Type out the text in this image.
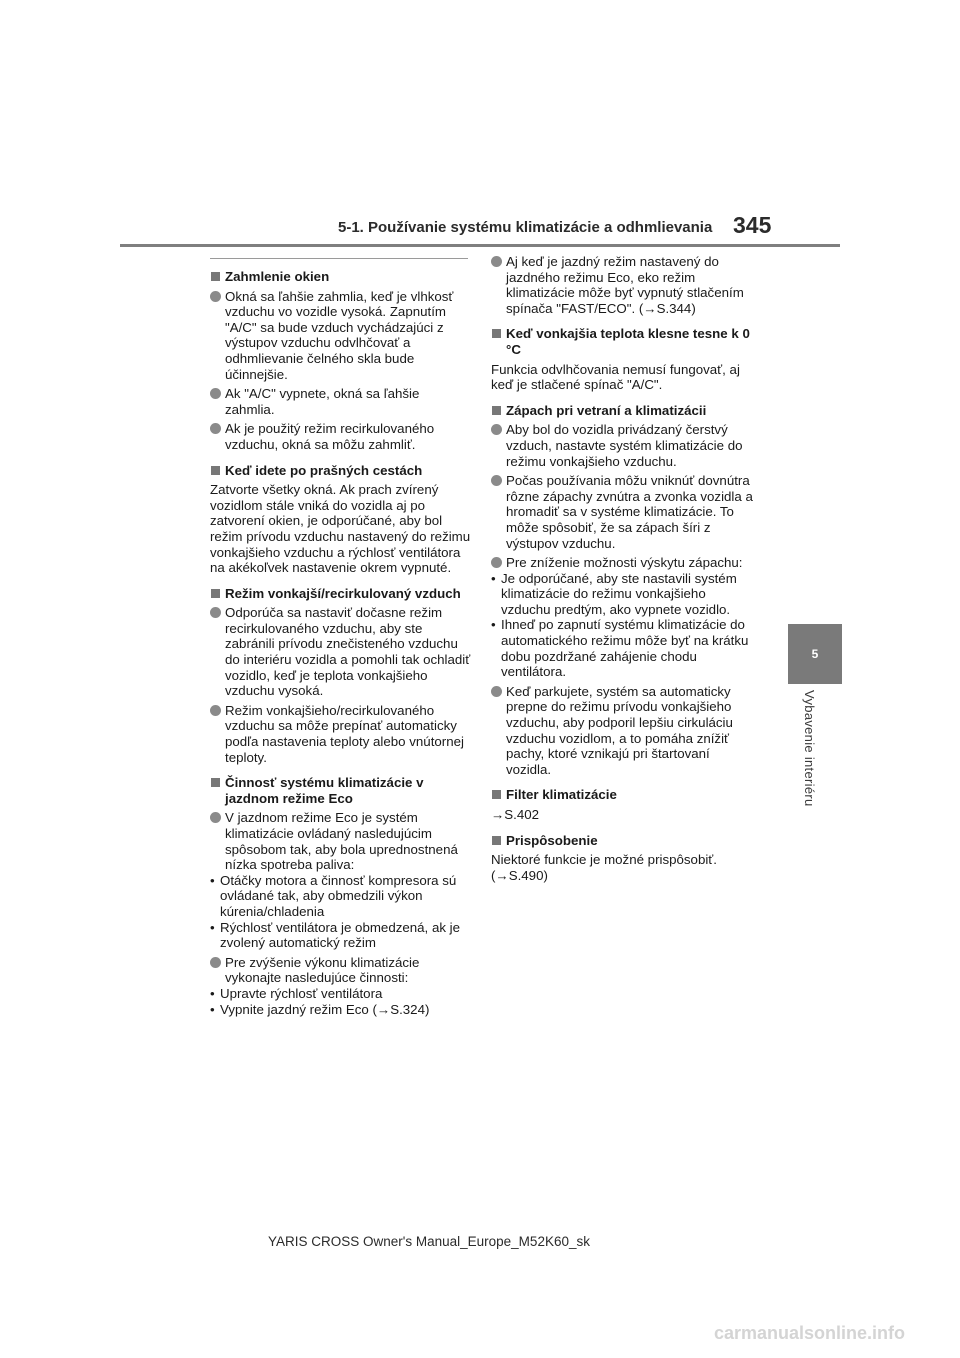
5-1. Používanie systému klimatizácie a odhmlievania 345
5
Vybavenie interiéru
Zahmlenie okien
Okná sa ľahšie zahmlia, keď je vlhkosť vzduchu vo vozidle vysoká. Zapnutím "A/C" sa bude vzduch vychádzajúci z výstupov vzduchu odvlhčovať a odhmlievanie čelného skla bude účinnejšie.
Ak "A/C" vypnete, okná sa ľahšie zahmlia.
Ak je použitý režim recirkulovaného vzduchu, okná sa môžu zahmliť.
Keď idete po prašných cestách
Zatvorte všetky okná. Ak prach zvírený vozidlom stále vniká do vozidla aj po zatvorení okien, je odporúčané, aby bol režim prívodu vzduchu nastavený do režimu vonkajšieho vzduchu a rýchlosť ventilátora na akékoľvek nastavenie okrem vypnuté.
Režim vonkajší/recirkulovaný vzduch
Odporúča sa nastaviť dočasne režim recirkulovaného vzduchu, aby ste zabránili prívodu znečisteného vzduchu do interiéru vozidla a pomohli tak ochladiť vozidlo, keď je teplota vonkajšieho vzduchu vysoká.
Režim vonkajšieho/recirkulovaného vzduchu sa môže prepínať automaticky podľa nastavenia teploty alebo vnútornej teploty.
Činnosť systému klimatizácie v jazdnom režime Eco
V jazdnom režime Eco je systém klimatizácie ovládaný nasledujúcim spôsobom tak, aby bola uprednostnená nízka spotreba paliva:
• Otáčky motora a činnosť kompresora sú ovládané tak, aby obmedzili výkon kúrenia/chladenia
• Rýchlosť ventilátora je obmedzená, ak je zvolený automatický režim
Pre zvýšenie výkonu klimatizácie vykonajte nasledujúce činnosti:
• Upravte rýchlosť ventilátora
• Vypnite jazdný režim Eco (→S.324)
Aj keď je jazdný režim nastavený do jazdného režimu Eco, eko režim klimatizácie môže byť vypnutý stlačením spínača "FAST/ECO". (→S.344)
Keď vonkajšia teplota klesne tesne k 0 °C
Funkcia odvlhčovania nemusí fungovať, aj keď je stlačené spínač "A/C".
Zápach pri vetraní a klimatizácii
Aby bol do vozidla privádzaný čerstvý vzduch, nastavte systém klimatizácie do režimu vonkajšieho vzduchu.
Počas používania môžu vniknúť dovnútra rôzne zápachy zvnútra a zvonka vozidla a hromadiť sa v systéme klimatizácie. To môže spôsobiť, že sa zápach šíri z výstupov vzduchu.
Pre zníženie možnosti výskytu zápachu:
• Je odporúčané, aby ste nastavili systém klimatizácie do režimu vonkajšieho vzduchu predtým, ako vypnete vozidlo.
• Ihneď po zapnutí systému klimatizácie do automatického režimu môže byť na krátku dobu pozdržané zahájenie chodu ventilátora.
Keď parkujete, systém sa automaticky prepne do režimu prívodu vonkajšieho vzduchu, aby podporil lepšiu cirkuláciu vzduchu vozidlom, a to pomáha znížiť pachy, ktoré vznikajú pri štartovaní vozidla.
Filter klimatizácie
→S.402
Prispôsobenie
Niektoré funkcie je možné prispôsobiť. (→S.490)
YARIS CROSS Owner's Manual_Europe_M52K60_sk
carmanualsonline.info
